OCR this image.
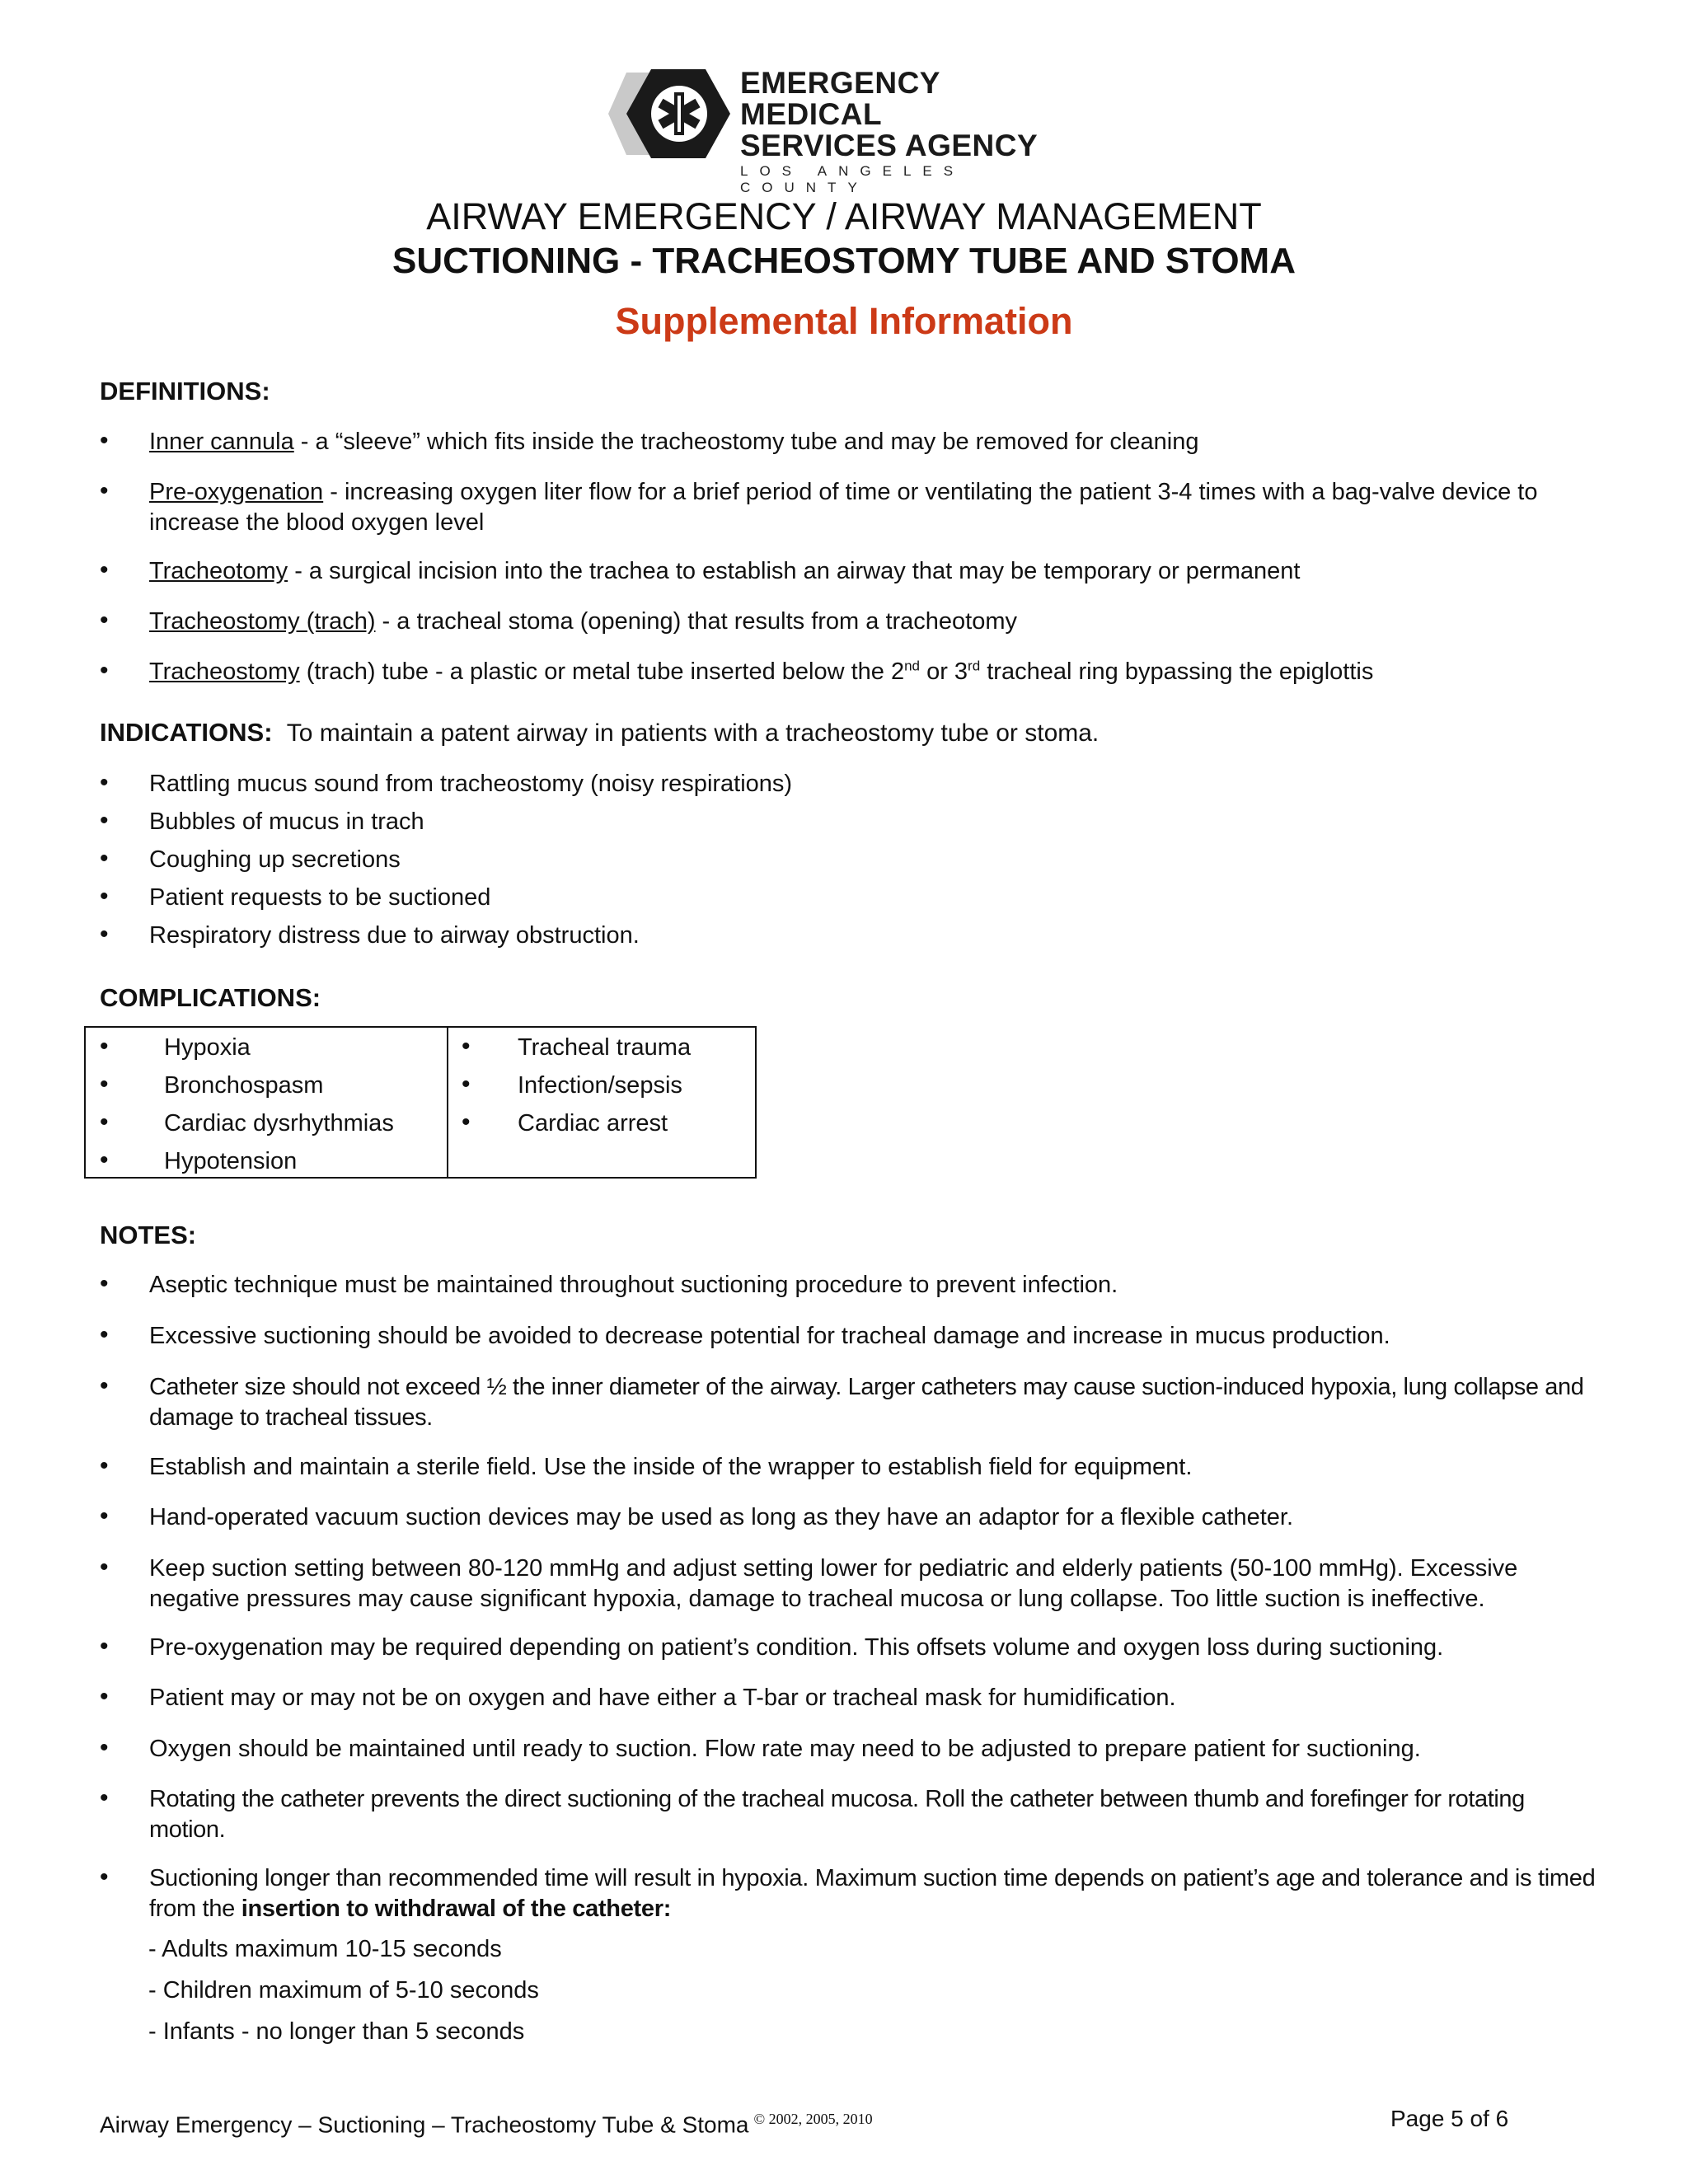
EMERGENCY MEDICAL
SERVICES AGENCY
LOS ANGELES COUNTY
AIRWAY EMERGENCY / AIRWAY MANAGEMENT
SUCTIONING - TRACHEOSTOMY TUBE AND STOMA
Supplemental Information
DEFINITIONS:
• Inner cannula - a “sleeve” which fits inside the tracheostomy tube and may be removed for cleaning
• Pre-oxygenation - increasing oxygen liter flow for a brief period of time or ventilating the patient 3-4 times with a bag-valve device to increase the blood oxygen level
• Tracheotomy - a surgical incision into the trachea to establish an airway that may be temporary or permanent
• Tracheostomy (trach) - a tracheal stoma (opening) that results from a tracheotomy
• Tracheostomy (trach) tube - a plastic or metal tube inserted below the 2nd or 3rd tracheal ring bypassing the epiglottis
INDICATIONS: To maintain a patent airway in patients with a tracheostomy tube or stoma.
• Rattling mucus sound from tracheostomy (noisy respirations)
• Bubbles of mucus in trach
• Coughing up secretions
• Patient requests to be suctioned
• Respiratory distress due to airway obstruction.
COMPLICATIONS:
• Hypoxia
• Bronchospasm
• Cardiac dysrhythmias
• Hypotension
• Tracheal trauma
• Infection/sepsis
• Cardiac arrest
NOTES:
• Aseptic technique must be maintained throughout suctioning procedure to prevent infection.
• Excessive suctioning should be avoided to decrease potential for tracheal damage and increase in mucus production.
• Catheter size should not exceed ½ the inner diameter of the airway. Larger catheters may cause suction-induced hypoxia, lung collapse and damage to tracheal tissues.
• Establish and maintain a sterile field. Use the inside of the wrapper to establish field for equipment.
• Hand-operated vacuum suction devices may be used as long as they have an adaptor for a flexible catheter.
• Keep suction setting between 80-120 mmHg and adjust setting lower for pediatric and elderly patients (50-100 mmHg). Excessive negative pressures may cause significant hypoxia, damage to tracheal mucosa or lung collapse. Too little suction is ineffective.
• Pre-oxygenation may be required depending on patient’s condition. This offsets volume and oxygen loss during suctioning.
• Patient may or may not be on oxygen and have either a T-bar or tracheal mask for humidification.
• Oxygen should be maintained until ready to suction. Flow rate may need to be adjusted to prepare patient for suctioning.
• Rotating the catheter prevents the direct suctioning of the tracheal mucosa. Roll the catheter between thumb and forefinger for rotating motion.
• Suctioning longer than recommended time will result in hypoxia. Maximum suction time depends on patient’s age and tolerance and is timed from the insertion to withdrawal of the catheter:
- Adults maximum 10-15 seconds
- Children maximum of 5-10 seconds
- Infants - no longer than 5 seconds
Airway Emergency – Suctioning – Tracheostomy Tube & Stoma $^{© 2002, 2005, 2010}$	Page 5 of 6
